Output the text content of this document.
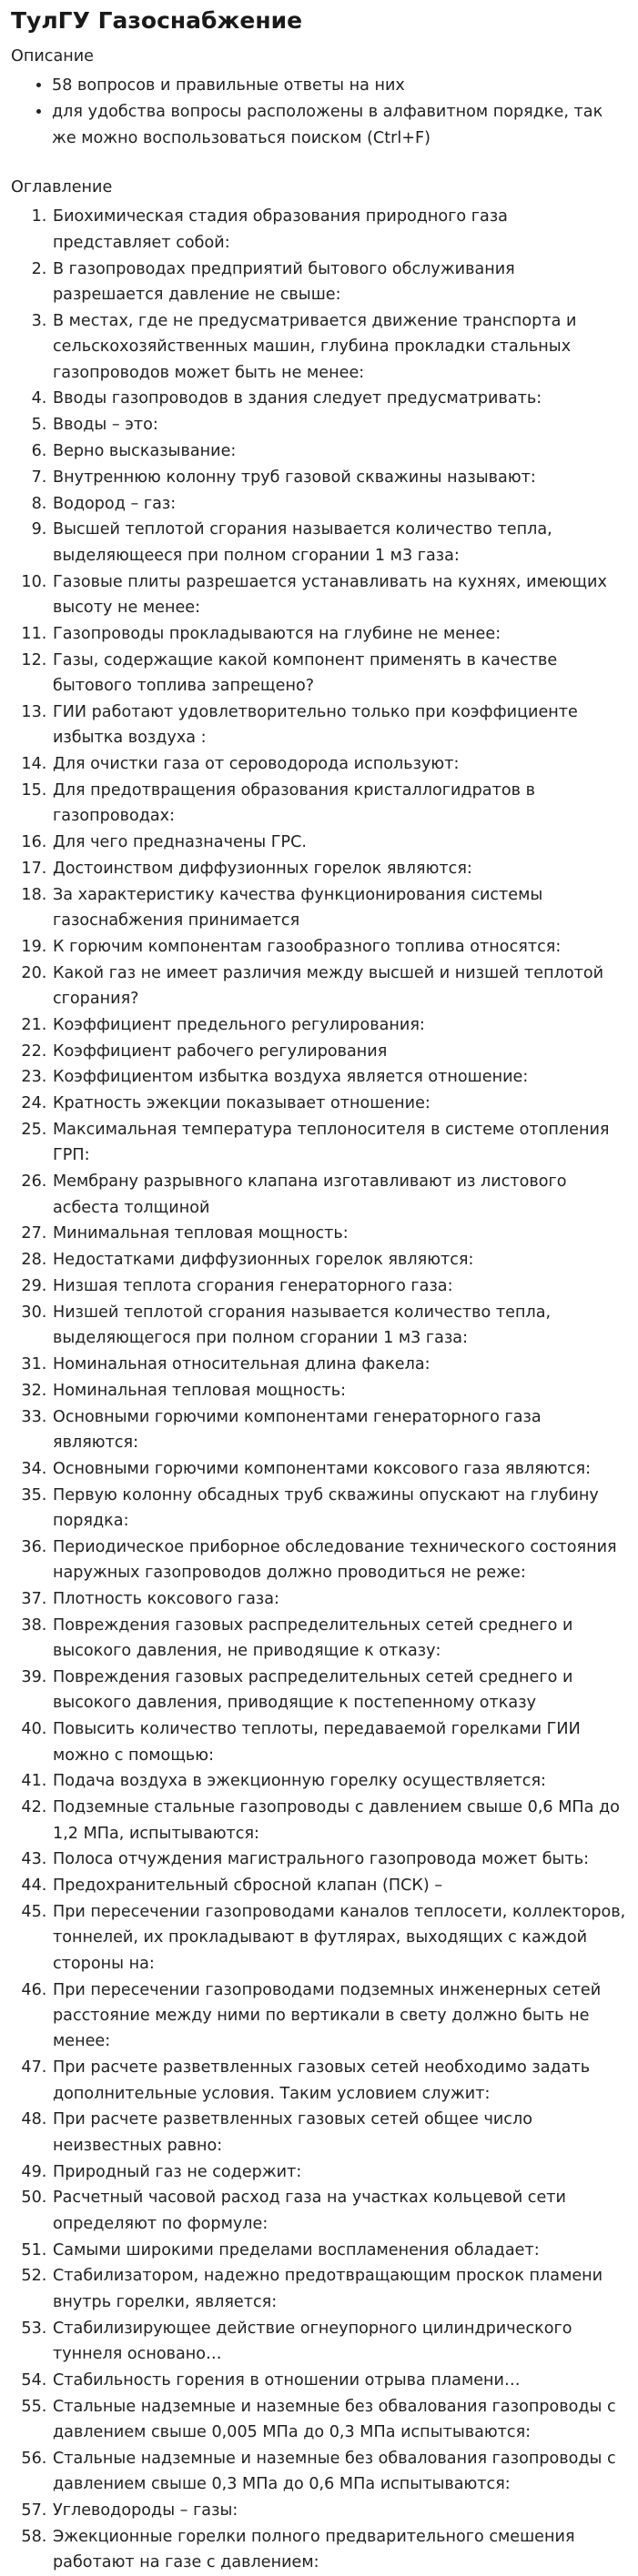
ТулГУ Газоснабжение
Описание
• 58 вопросов и правильные ответы на них
• для удобства вопросы расположены в алфавитном порядке, так же можно воспользоваться поиском (Ctrl+F)
Оглавление
1. Биохимическая стадия образования природного газа представляет собой:
2. В газопроводах предприятий бытового обслуживания разрешается давление не свыше:
3. В местах, где не предусматривается движение транспорта и сельскохозяйственных машин, глубина прокладки стальных газопроводов может быть не менее:
4. Вводы газопроводов в здания следует предусматривать:
5. Вводы – это:
6. Верно высказывание:
7. Внутреннюю колонну труб газовой скважины называют:
8. Водород – газ:
9. Высшей теплотой сгорания называется количество тепла, выделяющееся при полном сгорании 1 м3 газа:
10. Газовые плиты разрешается устанавливать на кухнях, имеющих высоту не менее:
11. Газопроводы прокладываются на глубине не менее:
12. Газы, содержащие какой компонент применять в качестве бытового топлива запрещено?
13. ГИИ работают удовлетворительно только при коэффициенте избытка воздуха :
14. Для очистки газа от сероводорода используют:
15. Для предотвращения образования кристаллогидратов в газопроводах:
16. Для чего предназначены ГРС.
17. Достоинством диффузионных горелок являются:
18. За характеристику качества функционирования системы газоснабжения принимается
19. К горючим компонентам газообразного топлива относятся:
20. Какой газ не имеет различия между высшей и низшей теплотой сгорания?
21. Коэффициент предельного регулирования:
22. Коэффициент рабочего регулирования
23. Коэффициентом избытка воздуха является отношение:
24. Кратность эжекции показывает отношение:
25. Максимальная температура теплоносителя в системе отопления ГРП:
26. Мембрану разрывного клапана изготавливают из листового асбеста толщиной
27. Минимальная тепловая мощность:
28. Недостатками диффузионных горелок являются:
29. Низшая теплота сгорания генераторного газа:
30. Низшей теплотой сгорания называется количество тепла, выделяющегося при полном сгорании 1 м3 газа:
31. Номинальная относительная длина факела:
32. Номинальная тепловая мощность:
33. Основными горючими компонентами генераторного газа являются:
34. Основными горючими компонентами коксового газа являются:
35. Первую колонну обсадных труб скважины опускают на глубину порядка:
36. Периодическое приборное обследование технического состояния наружных газопроводов должно проводиться не реже:
37. Плотность коксового газа:
38. Повреждения газовых распределительных сетей среднего и высокого давления, не приводящие к отказу:
39. Повреждения газовых распределительных сетей среднего и высокого давления, приводящие к постепенному отказу
40. Повысить количество теплоты, передаваемой горелками ГИИ можно с помощью:
41. Подача воздуха в эжекционную горелку осуществляется:
42. Подземные стальные газопроводы с давлением свыше 0,6 МПа до 1,2 МПа, испытываются:
43. Полоса отчуждения магистрального газопровода может быть:
44. Предохранительный сбросной клапан (ПСК) –
45. При пересечении газопроводами каналов теплосети, коллекторов, тоннелей, их прокладывают в футлярах, выходящих с каждой стороны на:
46. При пересечении газопроводами подземных инженерных сетей расстояние между ними по вертикали в свету должно быть не менее:
47. При расчете разветвленных газовых сетей необходимо задать дополнительные условия. Таким условием служит:
48. При расчете разветвленных газовых сетей общее число неизвестных равно:
49. Природный газ не содержит:
50. Расчетный часовой расход газа на участках кольцевой сети определяют по формуле:
51. Самыми широкими пределами воспламенения обладает:
52. Стабилизатором, надежно предотвращающим проскок пламени внутрь горелки, является:
53. Стабилизирующее действие огнеупорного цилиндрического туннеля основано…
54. Стабильность горения в отношении отрыва пламени…
55. Стальные надземные и наземные без обвалования газопроводы с давлением свыше 0,005 МПа до 0,3 МПа испытываются:
56. Стальные надземные и наземные без обвалования газопроводы с давлением свыше 0,3 МПа до 0,6 МПа испытываются:
57. Углеводороды – газы:
58. Эжекционные горелки полного предварительного смешения работают на газе с давлением:
